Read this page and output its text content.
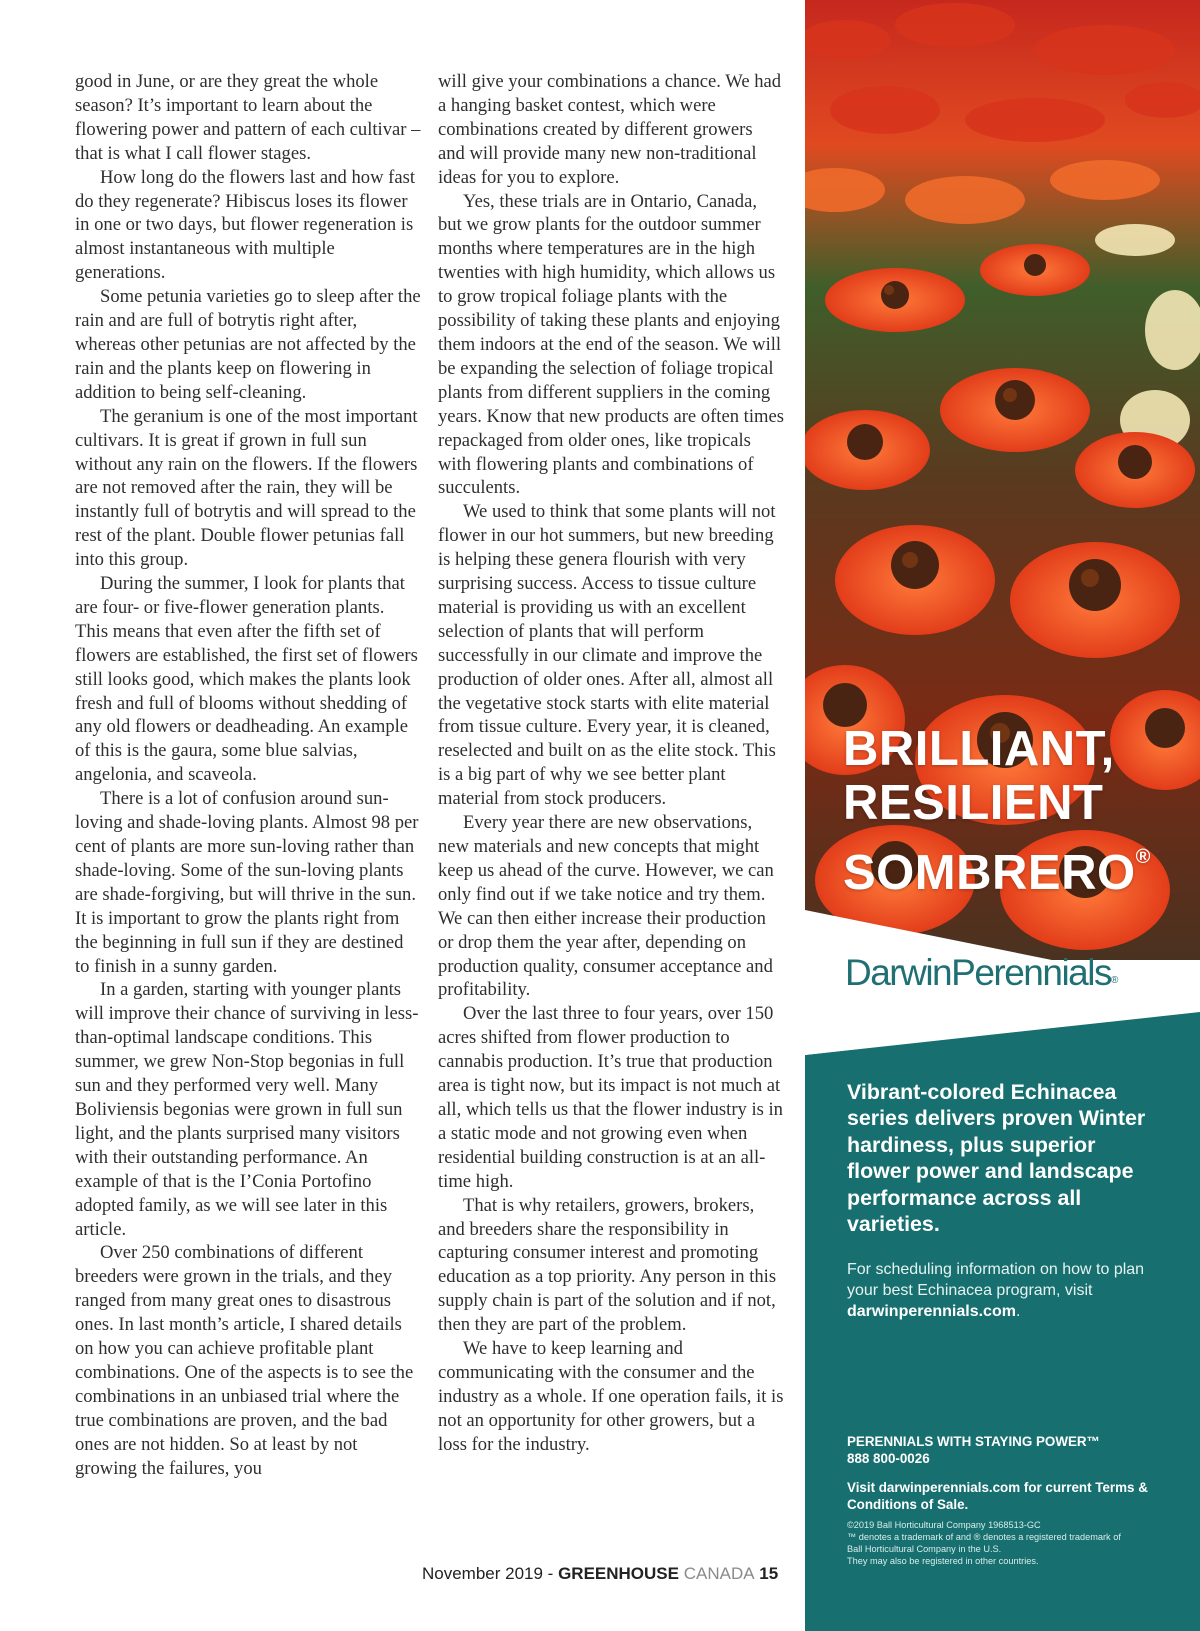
good in June, or are they great the whole season? It’s important to learn about the flowering power and pattern of each cultivar – that is what I call flower stages.

How long do the flowers last and how fast do they regenerate? Hibiscus loses its flower in one or two days, but flower regeneration is almost instantaneous with multiple generations.

Some petunia varieties go to sleep after the rain and are full of botrytis right after, whereas other petunias are not affected by the rain and the plants keep on flowering in addition to being self-cleaning.

The geranium is one of the most important cultivars. It is great if grown in full sun without any rain on the flowers. If the flowers are not removed after the rain, they will be instantly full of botrytis and will spread to the rest of the plant. Double flower petunias fall into this group.

During the summer, I look for plants that are four- or five-flower generation plants. This means that even after the fifth set of flowers are established, the first set of flowers still looks good, which makes the plants look fresh and full of blooms without shedding of any old flowers or deadheading. An example of this is the gaura, some blue salvias, angelonia, and scaveola.

There is a lot of confusion around sun-loving and shade-loving plants. Almost 98 per cent of plants are more sun-loving rather than shade-loving. Some of the sun-loving plants are shade-forgiving, but will thrive in the sun. It is important to grow the plants right from the beginning in full sun if they are destined to finish in a sunny garden.

In a garden, starting with younger plants will improve their chance of surviving in less-than-optimal landscape conditions. This summer, we grew Non-Stop begonias in full sun and they performed very well. Many Boliviensis begonias were grown in full sun light, and the plants surprised many visitors with their outstanding performance. An example of that is the I’Conia Portofino adopted family, as we will see later in this article.

Over 250 combinations of different breeders were grown in the trials, and they ranged from many great ones to disastrous ones. In last month’s article, I shared details on how you can achieve profitable plant combinations. One of the aspects is to see the combinations in an unbiased trial where the true combinations are proven, and the bad ones are not hidden. So at least by not growing the failures, you

will give your combinations a chance. We had a hanging basket contest, which were combinations created by different growers and will provide many new non-traditional ideas for you to explore.

Yes, these trials are in Ontario, Canada, but we grow plants for the outdoor summer months where temperatures are in the high twenties with high humidity, which allows us to grow tropical foliage plants with the possibility of taking these plants and enjoying them indoors at the end of the season. We will be expanding the selection of foliage tropical plants from different suppliers in the coming years. Know that new products are often times repackaged from older ones, like tropicals with flowering plants and combinations of succulents.

We used to think that some plants will not flower in our hot summers, but new breeding is helping these genera flourish with very surprising success. Access to tissue culture material is providing us with an excellent selection of plants that will perform successfully in our climate and improve the production of older ones. After all, almost all the vegetative stock starts with elite material from tissue culture. Every year, it is cleaned, reselected and built on as the elite stock. This is a big part of why we see better plant material from stock producers.

Every year there are new observations, new materials and new concepts that might keep us ahead of the curve. However, we can only find out if we take notice and try them. We can then either increase their production or drop them the year after, depending on production quality, consumer acceptance and profitability.

Over the last three to four years, over 150 acres shifted from flower production to cannabis production. It’s true that production area is tight now, but its impact is not much at all, which tells us that the flower industry is in a static mode and not growing even when residential building construction is at an all-time high.

That is why retailers, growers, brokers, and breeders share the responsibility in capturing consumer interest and promoting education as a top priority. Any person in this supply chain is part of the solution and if not, then they are part of the problem.

We have to keep learning and communicating with the consumer and the industry as a whole. If one operation fails, it is not an opportunity for other growers, but a loss for the industry.

November 2019 - GREENHOUSE CANADA 15
BRILLIANT,
RESILIENT
SOMBRERO®
DarwinPerennials®
Vibrant-colored Echinacea series delivers proven Winter hardiness, plus superior flower power and landscape performance across all varieties.
For scheduling information on how to plan your best Echinacea program, visit darwinperennials.com.
PERENNIALS WITH STAYING POWER™
888 800-0026
Visit darwinperennials.com for current Terms & Conditions of Sale.
©2019 Ball Horticultural Company 1968513-GC
™ denotes a trademark of and ® denotes a registered trademark of Ball Horticultural Company in the U.S.
They may also be registered in other countries.
